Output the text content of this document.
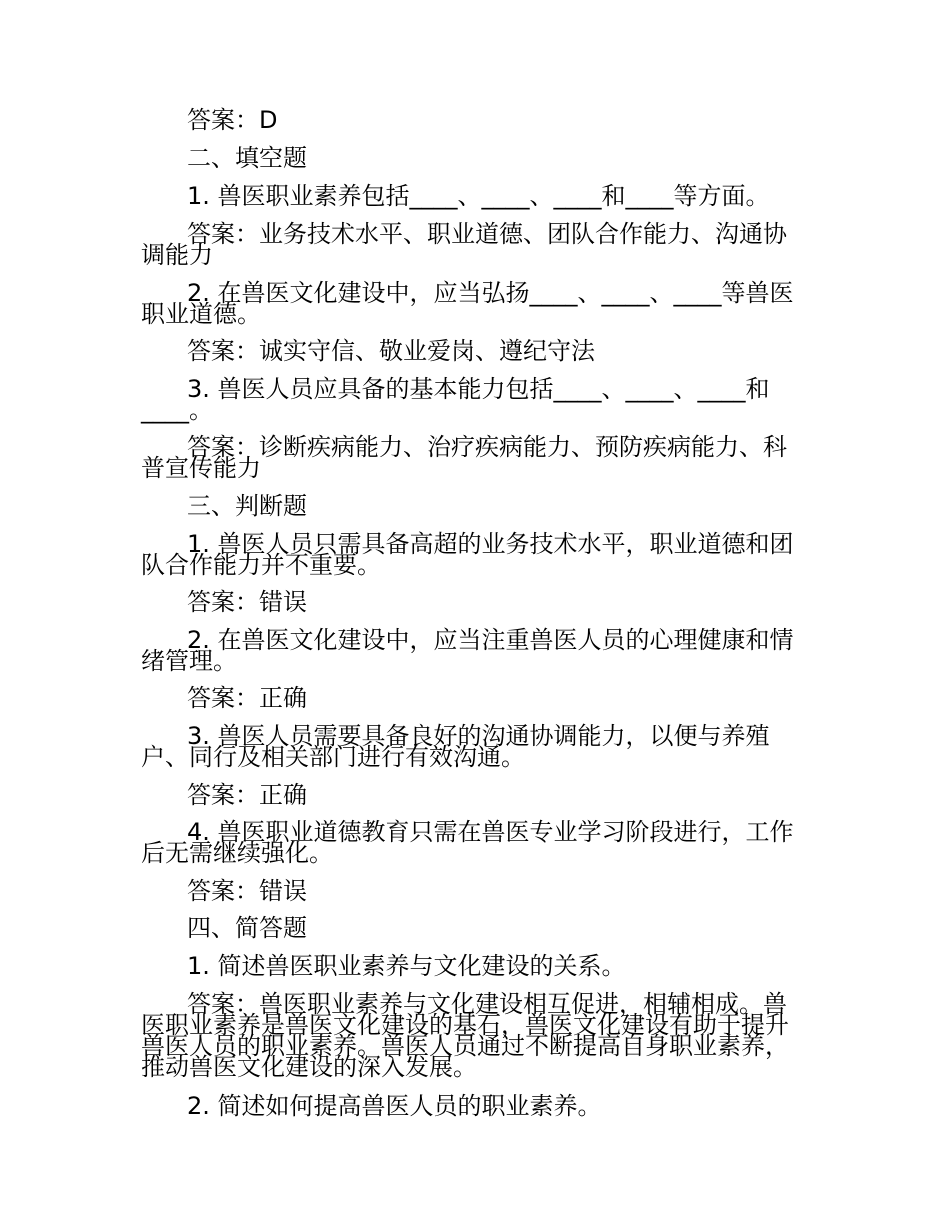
答案：D
二、填空题
1. 兽医职业素养包括____、____、____和____等方面。
答案：业务技术水平、职业道德、团队合作能力、沟通协
调能力
2. 在兽医文化建设中，应当弘扬____、____、____等兽医
职业道德。
答案：诚实守信、敬业爱岗、遵纪守法
3. 兽医人员应具备的基本能力包括____、____、____和
____。
答案：诊断疾病能力、治疗疾病能力、预防疾病能力、科
普宣传能力
三、判断题
1. 兽医人员只需具备高超的业务技术水平，职业道德和团
队合作能力并不重要。
答案：错误
2. 在兽医文化建设中，应当注重兽医人员的心理健康和情
绪管理。
答案：正确
3. 兽医人员需要具备良好的沟通协调能力，以便与养殖
户、同行及相关部门进行有效沟通。
答案：正确
4. 兽医职业道德教育只需在兽医专业学习阶段进行，工作
后无需继续强化。
答案：错误
四、简答题
1. 简述兽医职业素养与文化建设的关系。
答案：兽医职业素养与文化建设相互促进，相辅相成。兽
医职业素养是兽医文化建设的基石，兽医文化建设有助于提升
兽医人员的职业素养。兽医人员通过不断提高自身职业素养，
推动兽医文化建设的深入发展。
2. 简述如何提高兽医人员的职业素养。
